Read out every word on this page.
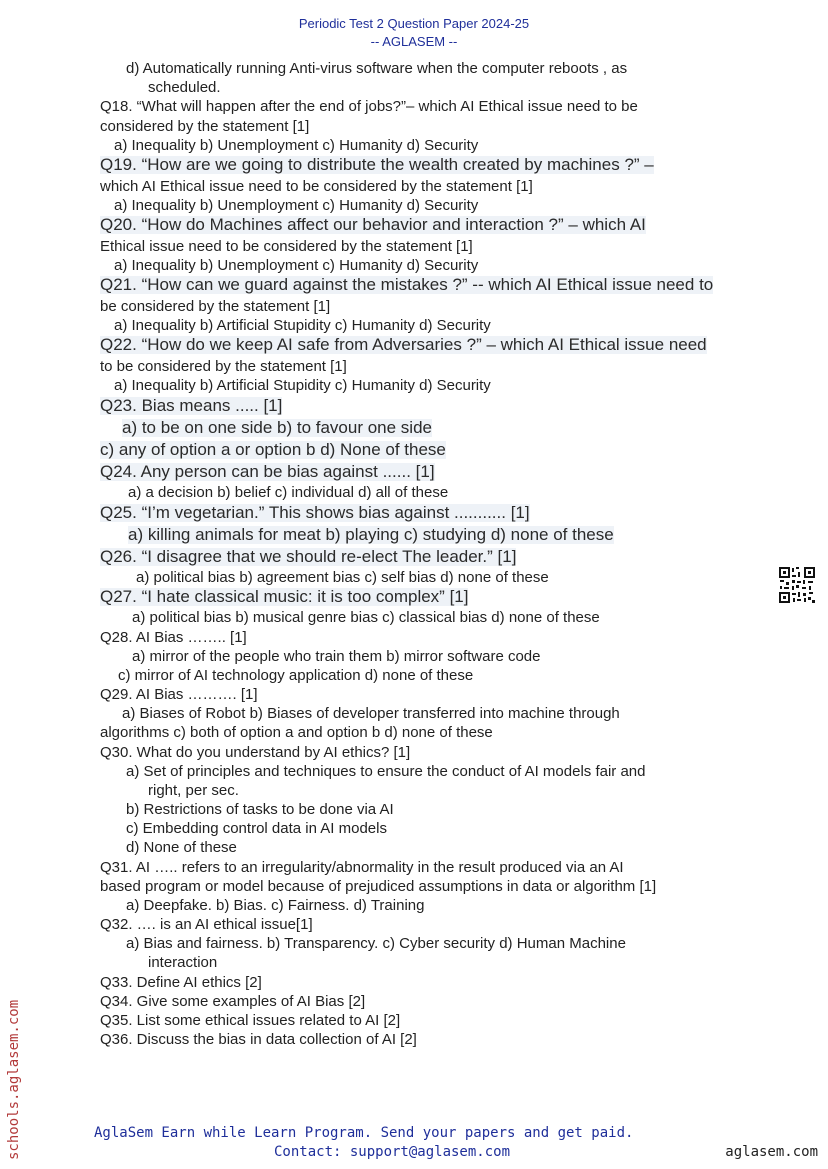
Periodic Test 2 Question Paper 2024-25
-- AGLASEM --
d) Automatically running Anti-virus software when the computer reboots , as
scheduled.
Q18. “What will happen after the end of jobs?”– which AI Ethical issue need to be
considered by the statement [1]
a) Inequality b) Unemployment c) Humanity d) Security
Q19. “How are we going to distribute the wealth created by machines ?” –
which AI Ethical issue need to be considered by the statement [1]
a) Inequality b) Unemployment c) Humanity d) Security
Q20. “How do Machines affect our behavior and interaction ?” – which AI
Ethical issue need to be considered by the statement [1]
a) Inequality b) Unemployment c) Humanity d) Security
Q21. “How can we guard against the mistakes ?” -- which AI Ethical issue need to
be considered by the statement [1]
a) Inequality b) Artificial Stupidity c) Humanity d) Security
Q22. “How do we keep AI safe from Adversaries ?” – which AI Ethical issue need
to be considered by the statement [1]
a) Inequality b) Artificial Stupidity c) Humanity d) Security
Q23. Bias means ..... [1]
a) to be on one side b) to favour one side
c) any of option a or option b d) None of these
Q24. Any person can be bias against ...... [1]
a) a decision b) belief c) individual d) all of these
Q25. “I’m vegetarian.” This shows bias against ........... [1]
a) killing animals for meat b) playing c) studying d) none of these
Q26. “I disagree that we should re-elect The leader.” [1]
a) political bias b) agreement bias c) self bias d) none of these
Q27. “I hate classical music: it is too complex” [1]
a) political bias b) musical genre bias c) classical bias d) none of these
Q28. AI Bias …….. [1]
a) mirror of the people who train them b) mirror software code
c) mirror of AI technology application d) none of these
Q29. AI Bias ………. [1]
a) Biases of Robot b) Biases of developer transferred into machine through
algorithms c) both of option a and option b d) none of these
Q30. What do you understand by AI ethics? [1]
a) Set of principles and techniques to ensure the conduct of AI models fair and
right, per sec.
b) Restrictions of tasks to be done via AI
c) Embedding control data in AI models
d) None of these
Q31. AI ….. refers to an irregularity/abnormality in the result produced via an AI
based program or model because of prejudiced assumptions in data or algorithm [1]
a) Deepfake. b) Bias. c) Fairness. d) Training
Q32. …. is an AI ethical issue[1]
a) Bias and fairness. b) Transparency. c) Cyber security d) Human Machine
interaction
Q33. Define AI ethics [2]
Q34. Give some examples of AI Bias [2]
Q35. List some ethical issues related to AI [2]
Q36. Discuss the bias in data collection of AI [2]
schools.aglasem.com	AglaSem Earn while Learn Program. Send your papers and get paid.
Contact: support@aglasem.com	aglasem.com
